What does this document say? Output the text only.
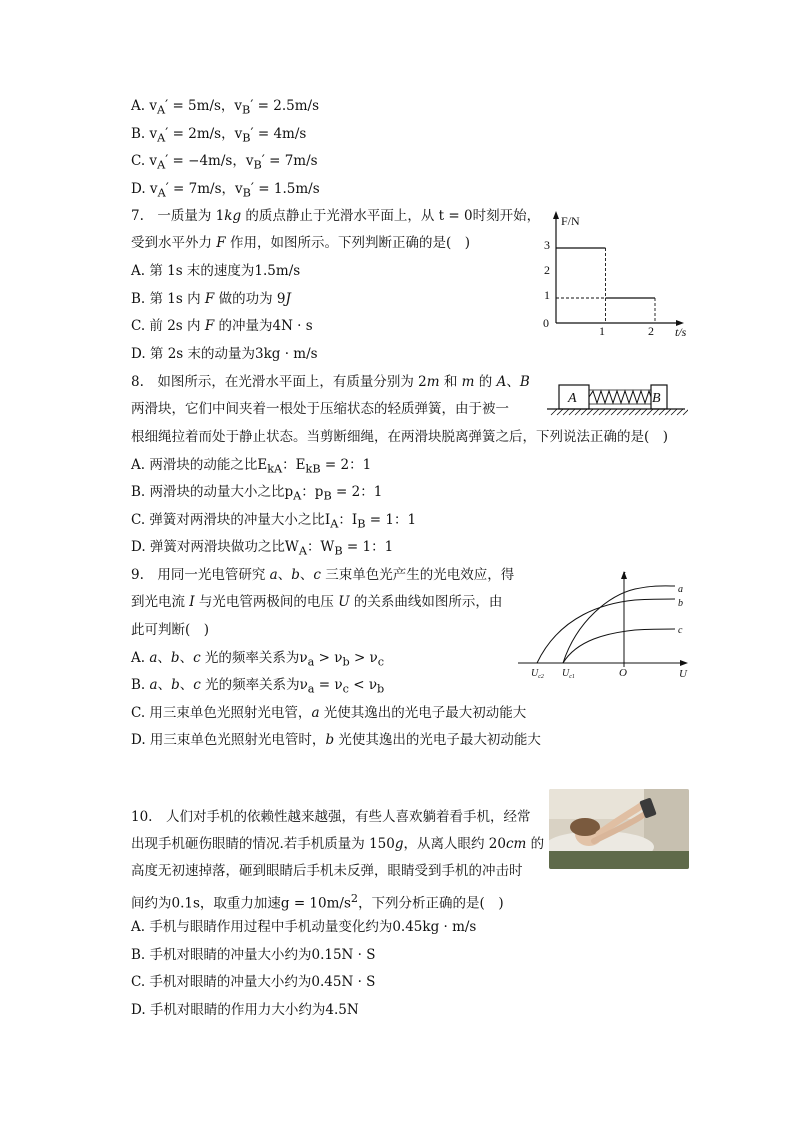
A. $v_A' = 5m/s$，$v_B' = 2.5m/s$
B. $v_A' = 2m/s$，$v_B' = 4m/s$
C. $v_A' = -4m/s$，$v_B' = 7m/s$
D. $v_A' = 7m/s$，$v_B' = 1.5m/s$
7.　一质量为 1kg 的质点静止于光滑水平面上，从 t = 0时刻开始，
受到水平外力 F 作用，如图所示。下列判断正确的是(　)
A. 第 1s 末的速度为1.5m/s
B. 第 1s 内 F 做的功为 9J
C. 前 2s 内 F 的冲量为4N · s
D. 第 2s 末的动量为3kg · m/s
F/N
0
1
2
3
1	2 t/s
8.　如图所示，在光滑水平面上，有质量分别为 2m 和 m 的 A、B
两滑块，它们中间夹着一根处于压缩状态的轻质弹簧，由于被一
根细绳拉着而处于静止状态。当剪断细绳，在两滑块脱离弹簧之后，下列说法正确的是(　)
A. 两滑块的动能之比$E_{kA}$：$E_{kB} = 2$：1
B. 两滑块的动量大小之比$p_A$：$p_B = 2$：1
C. 弹簧对两滑块的冲量大小之比$I_A$：$I_B = 1$：1
D. 弹簧对两滑块做功之比$W_A$：$W_B = 1$：1
A	B
9.　用同一光电管研究 a、b、c 三束单色光产生的光电效应，得
到光电流 I 与光电管两极间的电压 U 的关系曲线如图所示，由
此可判断(　)
A. a、b、c 光的频率关系为$\nu_a > \nu_b > \nu_c$
B. a、b、c 光的频率关系为$\nu_a = \nu_c < \nu_b$
C. 用三束单色光照射光电管，a 光使其逸出的光电子最大初动能大
D. 用三束单色光照射光电管时，b 光使其逸出的光电子最大初动能大
I
U
O
$U_{c2}$ $U_{c1}$
a
b
c
10.　人们对手机的依赖性越来越强，有些人喜欢躺着看手机，经常
出现手机砸伤眼睛的情况.若手机质量为 150g，从离人眼约 20cm 的
高度无初速掉落，砸到眼睛后手机未反弹，眼睛受到手机的冲击时
间约为0.1s，取重力加速$g = 10m/s^2$，下列分析正确的是(　)
A. 手机与眼睛作用过程中手机动量变化约为0.45kg · m/s
B. 手机对眼睛的冲量大小约为0.15N · S
C. 手机对眼睛的冲量大小约为0.45N · S
D. 手机对眼睛的作用力大小约为4.5N
